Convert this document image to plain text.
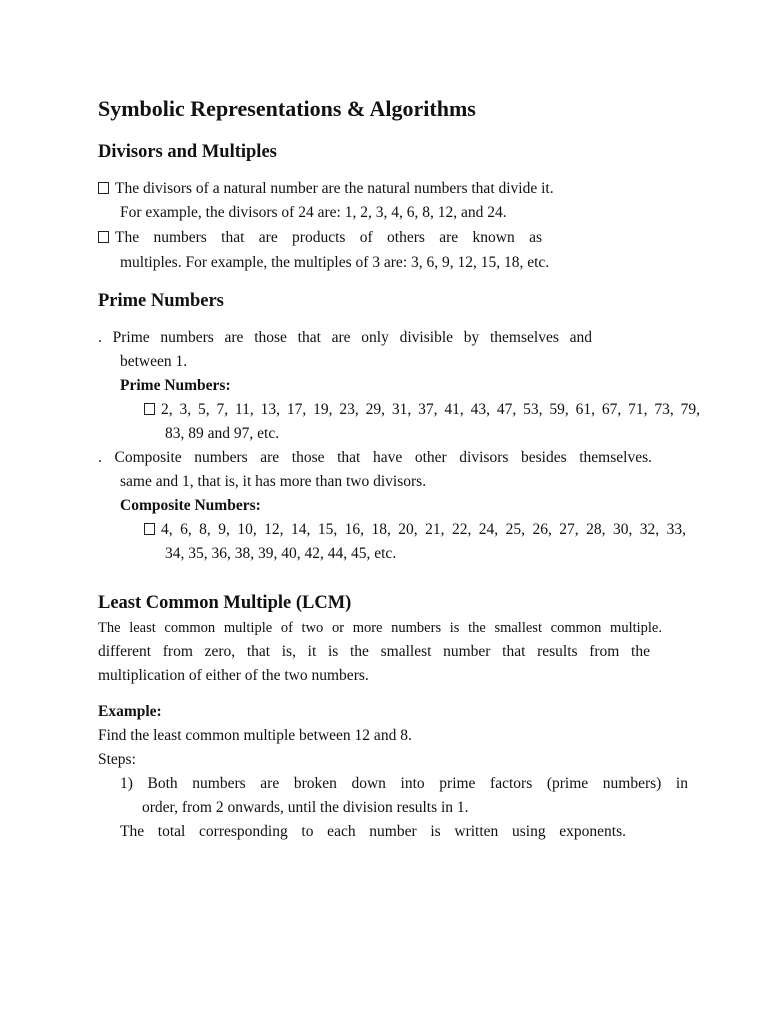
Symbolic Representations & Algorithms
Divisors and Multiples
The divisors of a natural number are the natural numbers that divide it.
For example, the divisors of 24 are: 1, 2, 3, 4, 6, 8, 12, and 24.
The numbers that are products of others are known as
multiples. For example, the multiples of 3 are: 3, 6, 9, 12, 15, 18, etc.
Prime Numbers
. Prime numbers are those that are only divisible by themselves and
between 1.
Prime Numbers:
2, 3, 5, 7, 11, 13, 17, 19, 23, 29, 31, 37, 41, 43, 47, 53, 59, 61, 67, 71, 73, 79,
83, 89 and 97, etc.
. Composite numbers are those that have other divisors besides themselves.
same and 1, that is, it has more than two divisors.
Composite Numbers:
4, 6, 8, 9, 10, 12, 14, 15, 16, 18, 20, 21, 22, 24, 25, 26, 27, 28, 30, 32, 33,
34, 35, 36, 38, 39, 40, 42, 44, 45, etc.
Least Common Multiple (LCM)
The least common multiple of two or more numbers is the smallest common multiple.
different from zero, that is, it is the smallest number that results from the
multiplication of either of the two numbers.
Example:
Find the least common multiple between 12 and 8.
Steps:
1) Both numbers are broken down into prime factors (prime numbers) in
order, from 2 onwards, until the division results in 1.
The total corresponding to each number is written using exponents.
